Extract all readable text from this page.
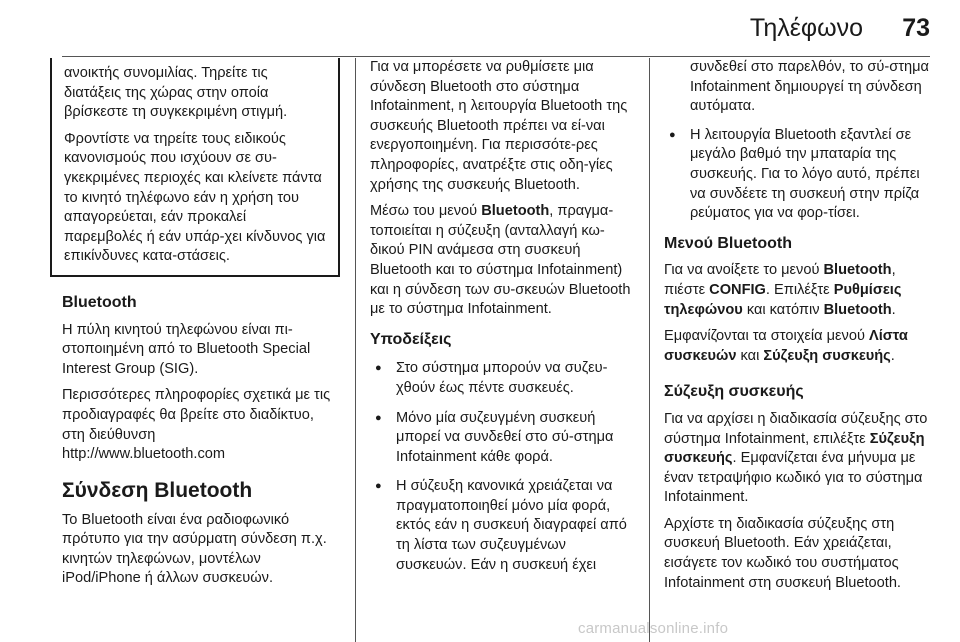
Τηλέφωνο 73

ανοικτής συνομιλίας. Τηρείτε τις διατάξεις της χώρας στην οποία βρίσκεστε τη συγκεκριμένη στιγμή.

Φροντίστε να τηρείτε τους ειδικούς κανονισμούς που ισχύουν σε συ-γκεκριμένες περιοχές και κλείνετε πάντα το κινητό τηλέφωνο εάν η χρήση του απαγορεύεται, εάν προκαλεί παρεμβολές ή εάν υπάρ-χει κίνδυνος για επικίνδυνες κατα-στάσεις.

Bluetooth

Η πύλη κινητού τηλεφώνου είναι πι-στοποιημένη από το Bluetooth Special Interest Group (SIG).

Περισσότερες πληροφορίες σχετικά με τις προδιαγραφές θα βρείτε στο διαδίκτυο, στη διεύθυνση

http://www.bluetooth.com

Σύνδεση Bluetooth

Το Bluetooth είναι ένα ραδιοφωνικό πρότυπο για την ασύρματη σύνδεση π.χ. κινητών τηλεφώνων, μοντέλων iPod/iPhone ή άλλων συσκευών.

Για να μπορέσετε να ρυθμίσετε μια σύνδεση Bluetooth στο σύστημα Infotainment, η λειτουργία Bluetooth της συσκευής Bluetooth πρέπει να εί-ναι ενεργοποιημένη. Για περισσότε-ρες πληροφορίες, ανατρέξτε στις οδη-γίες χρήσης της συσκευής Bluetooth.

Μέσω του μενού Bluetooth, πραγμα-τοποιείται η σύζευξη (ανταλλαγή κω-δικού PIN ανάμεσα στη συσκευή Bluetooth και το σύστημα Infotainment) και η σύνδεση των συ-σκευών Bluetooth με το σύστημα Infotainment.

Υποδείξεις
● Στο σύστημα μπορούν να συζευ-χθούν έως πέντε συσκευές.
● Μόνο μία συζευγμένη συσκευή μπορεί να συνδεθεί στο σύ-στημα Infotainment κάθε φορά.
● Η σύζευξη κανονικά χρειάζεται να πραγματοποιηθεί μόνο μία φορά, εκτός εάν η συσκευή διαγραφεί από τη λίστα των συζευγμένων συσκευών. Εάν η συσκευή έχει

συνδεθεί στο παρελθόν, το σύ-στημα Infotainment δημιουργεί τη σύνδεση αυτόματα.

● Η λειτουργία Bluetooth εξαντλεί σε μεγάλο βαθμό την μπαταρία της συσκευής. Για το λόγο αυτό, πρέπει να συνδέετε τη συσκευή στην πρίζα ρεύματος για να φορ-τίσει.
Μενού Bluetooth

Για να ανοίξετε το μενού Bluetooth, πιέστε CONFIG. Επιλέξτε Ρυθμίσεις τηλεφώνου και κατόπιν Bluetooth.

Εμφανίζονται τα στοιχεία μενού Λίστα συσκευών και Σύζευξη συσκευής.

Σύζευξη συσκευής

Για να αρχίσει η διαδικασία σύζευξης στο σύστημα Infotainment, επιλέξτε Σύζευξη συσκευής. Εμφανίζεται ένα μήνυμα με έναν τετραψήφιο κωδικό για το σύστημα Infotainment.

Αρχίστε τη διαδικασία σύζευξης στη συσκευή Bluetooth. Εάν χρειάζεται, εισάγετε τον κωδικό του συστήματος Infotainment στη συσκευή Bluetooth.

carmanualsonline.info
